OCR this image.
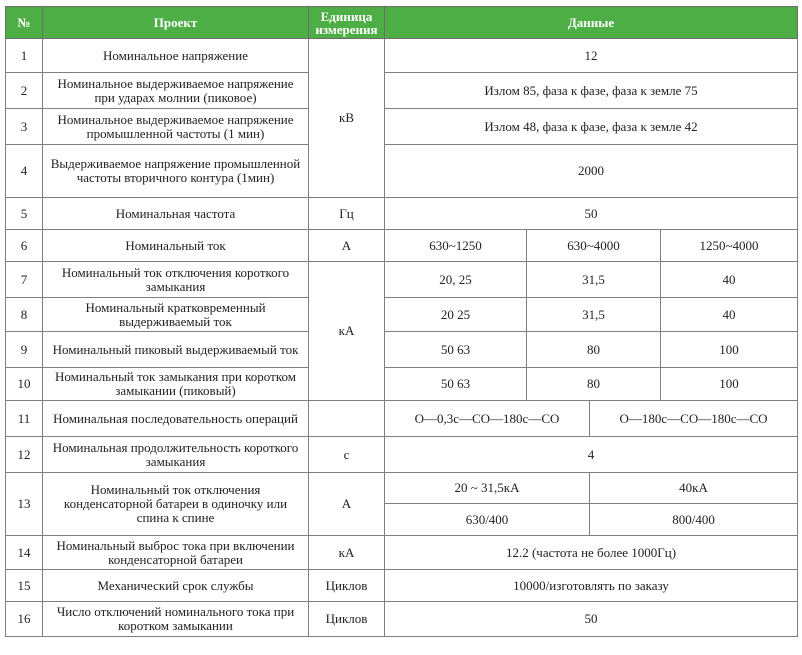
№	Проект	Единица измерения	Данные			
1	Номинальное напряжение	кВ	12			
2	Номинальное выдерживаемое напряжение при ударах молнии (пиковое)		Излом 85, фаза к фазе, фаза к земле 75			
3	Номинальное выдерживаемое напряжение промышленной частоты (1 мин)		Излом 48, фаза к фазе, фаза к земле 42			
4	Выдерживаемое напряжение промышленной частоты вторичного контура (1мин)		2000			
5	Номинальная частота	Гц	50			
6	Номинальный ток	А	630~1250	630~4000		1250~4000
7	Номинальный ток отключения короткого замыкания	кА	20, 25	31,5		40
8	Номинальный кратковременный выдерживаемый ток		20 25	31,5		40
9	Номинальный пиковый выдерживаемый ток		50 63	80		100
10	Номинальный ток замыкания при коротком замыкании (пиковый)		50 63	80		100
11	Номинальная последовательность операций		О—0,3с—СО—180с—СО		О—180с—СО—180с—СО	
12	Номинальная продолжительность короткого замыкания	с	4			
13	Номинальный ток отключения конденсаторной батареи в одиночку или спина к спине	А	20 ~ 31,5кА		40кА	
			630/400		800/400	
14	Номинальный выброс тока при включении конденсаторной батареи	кА	12.2 (частота не более 1000Гц)			
15	Механический срок службы	Циклов	10000/изготовлять по заказу			
16	Число отключений номинального тока при коротком замыкании	Циклов	50			
